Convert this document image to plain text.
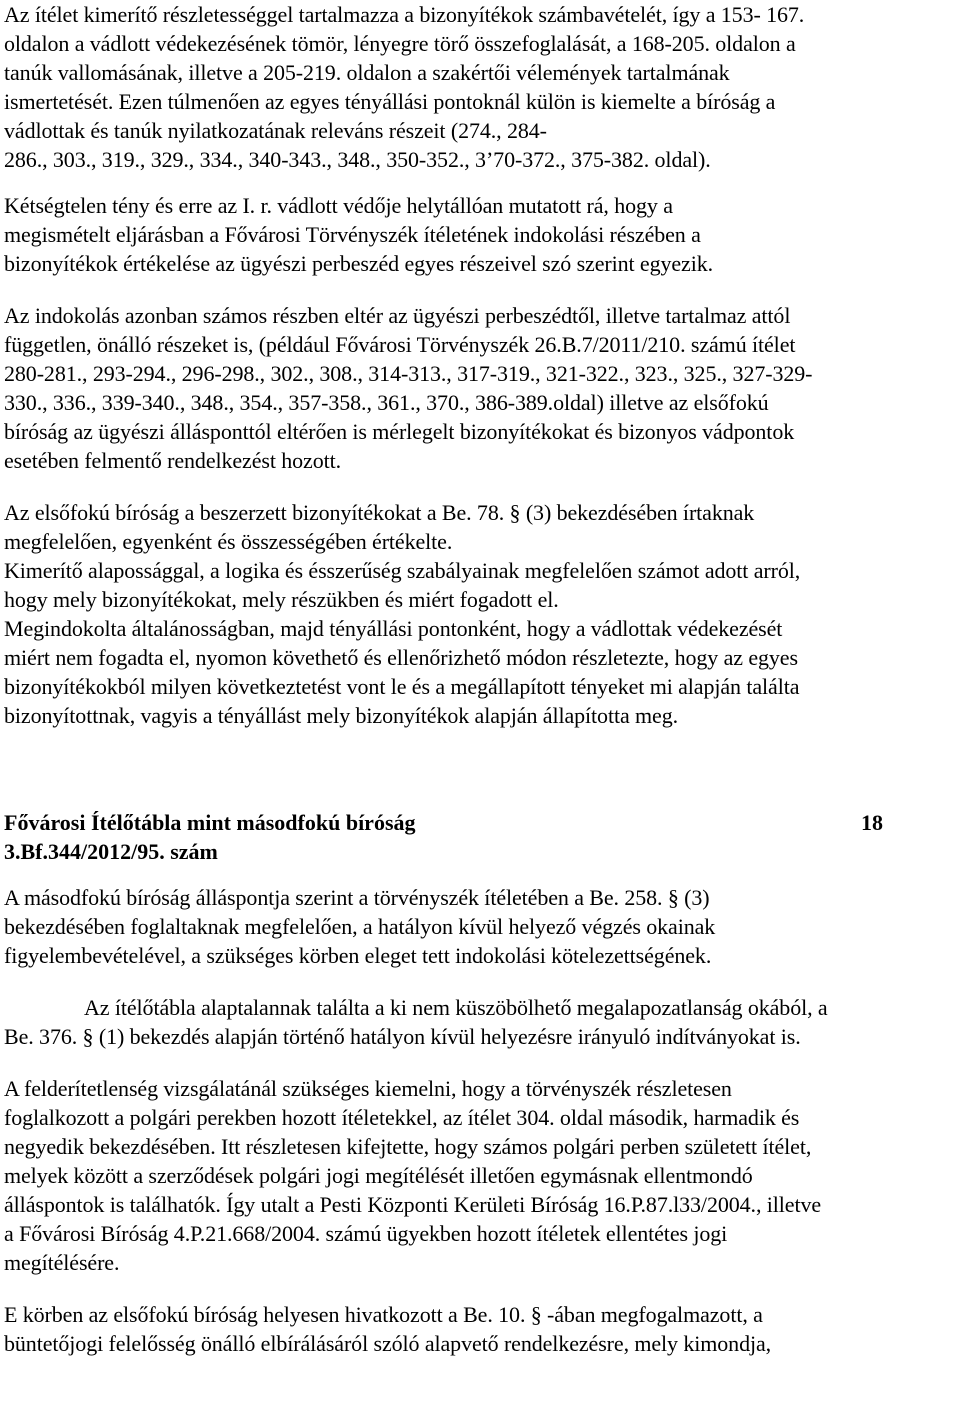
Az ítélet kimerítő részletességgel tartalmazza a bizonyítékok számbavételét, így a 153- 167.
oldalon a vádlott védekezésének tömör, lényegre törő összefoglalását, a 168-205. oldalon a
tanúk vallomásának, illetve a 205-219. oldalon a szakértői vélemények tartalmának
ismertetését. Ezen túlmenően az egyes tényállási pontoknál külön is kiemelte a bíróság a
vádlottak és tanúk nyilatkozatának releváns részeit (274., 284-
286., 303., 319., 329., 334., 340-343., 348., 350-352., 3’70-372., 375-382. oldal).
Kétségtelen tény és erre az I. r. vádlott védője helytállóan mutatott rá, hogy a
megismételt eljárásban a Fővárosi Törvényszék ítéletének indokolási részében a
bizonyítékok értékelése az ügyészi perbeszéd egyes részeivel szó szerint egyezik.
Az indokolás azonban számos részben eltér az ügyészi perbeszédtől, illetve tartalmaz attól
független, önálló részeket is, (például Fővárosi Törvényszék 26.B.7/2011/210. számú ítélet
280-281., 293-294., 296-298., 302., 308., 314-313., 317-319., 321-322., 323., 325., 327-329-
330., 336., 339-340., 348., 354., 357-358., 361., 370., 386-389.oldal) illetve az elsőfokú
bíróság az ügyészi állásponttól eltérően is mérlegelt bizonyítékokat és bizonyos vádpontok
esetében felmentő rendelkezést hozott.
Az elsőfokú bíróság a beszerzett bizonyítékokat a Be. 78. § (3) bekezdésében írtaknak
megfelelően, egyenként és összességében értékelte.
Kimerítő alapossággal, a logika és ésszerűség szabályainak megfelelően számot adott arról,
hogy mely bizonyítékokat, mely részükben és miért fogadott el.
Megindokolta általánosságban, majd tényállási pontonként, hogy a vádlottak védekezését
miért nem fogadta el, nyomon követhető és ellenőrizhető módon részletezte, hogy az egyes
bizonyítékokból milyen következtetést vont le és a megállapított tényeket mi alapján találta
bizonyítottnak, vagyis a tényállást mely bizonyítékok alapján állapította meg.
Fővárosi Ítélőtábla mint másodfokú bíróság	18
3.Bf.344/2012/95. szám
A másodfokú bíróság álláspontja szerint a törvényszék ítéletében a Be. 258. § (3)
bekezdésében foglaltaknak megfelelően, a hatályon kívül helyező végzés okainak
figyelembevételével, a szükséges körben eleget tett indokolási kötelezettségének.
Az ítélőtábla alaptalannak találta a ki nem küszöbölhető megalapozatlanság okából, a
Be. 376. § (1) bekezdés alapján történő hatályon kívül helyezésre irányuló indítványokat is.
A felderítetlenség vizsgálatánál szükséges kiemelni, hogy a törvényszék részletesen
foglalkozott a polgári perekben hozott ítéletekkel, az ítélet 304. oldal második, harmadik és
negyedik bekezdésében. Itt részletesen kifejtette, hogy számos polgári perben született ítélet,
melyek között a szerződések polgári jogi megítélését illetően egymásnak ellentmondó
álláspontok is találhatók. Így utalt a Pesti Központi Kerületi Bíróság 16.P.87.l33/2004., illetve
a Fővárosi Bíróság 4.P.21.668/2004. számú ügyekben hozott ítéletek ellentétes jogi
megítélésére.
E körben az elsőfokú bíróság helyesen hivatkozott a Be. 10. § -ában megfogalmazott, a
büntetőjogi felelősség önálló elbírálásáról szóló alapvető rendelkezésre, mely kimondja,
